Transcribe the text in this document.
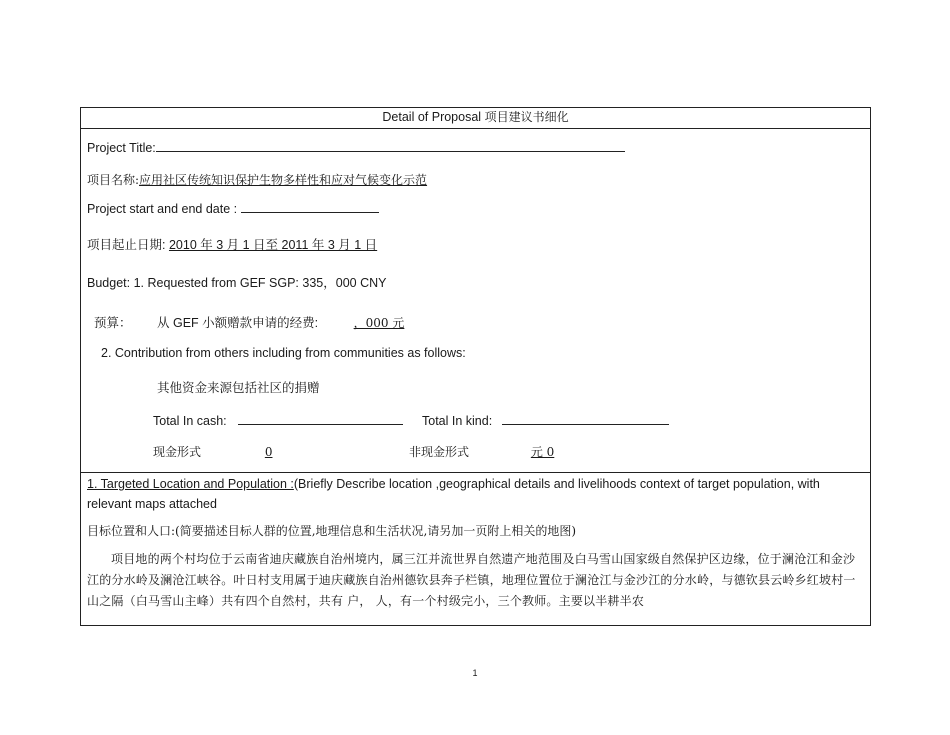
Detail of Proposal 项目建议书细化
Project Title:
项目名称:应用社区传统知识保护生物多样性和应对气候变化示范
Project start and end date :
项目起止日期: 2010 年 3 月 1 日至 2011 年 3 月 1 日
Budget: 1. Requested from GEF SGP: 335，000 CNY
预算： 从 GEF 小额赠款申请的经费:	，000 元
2. Contribution from others including from communities as follows:
其他资金来源包括社区的捐赠
Total In cash:	Total In kind:
现金形式	0	非现金形式	元 0
1. Targeted Location and Population :(Briefly Describe location ,geographical details and livelihoods context of target population, with relevant maps attached
目标位置和人口:(简要描述目标人群的位置,地理信息和生活状况,请另加一页附上相关的地图)
项目地的两个村均位于云南省迪庆藏族自治州境内，属三江并流世界自然遗产地范围及白马雪山国家级自然保护区边缘，位于澜沧江和金沙江的分水岭及澜沧江峡谷。叶日村支用属于迪庆藏族自治州德钦县奔子栏镇，地理位置位于澜沧江与金沙江的分水岭，与德钦县云岭乡红坡村一山之隔（白马雪山主峰）共有四个自然村，共有 户， 人，有一个村级完小，三个教师。主要以半耕半农
1
